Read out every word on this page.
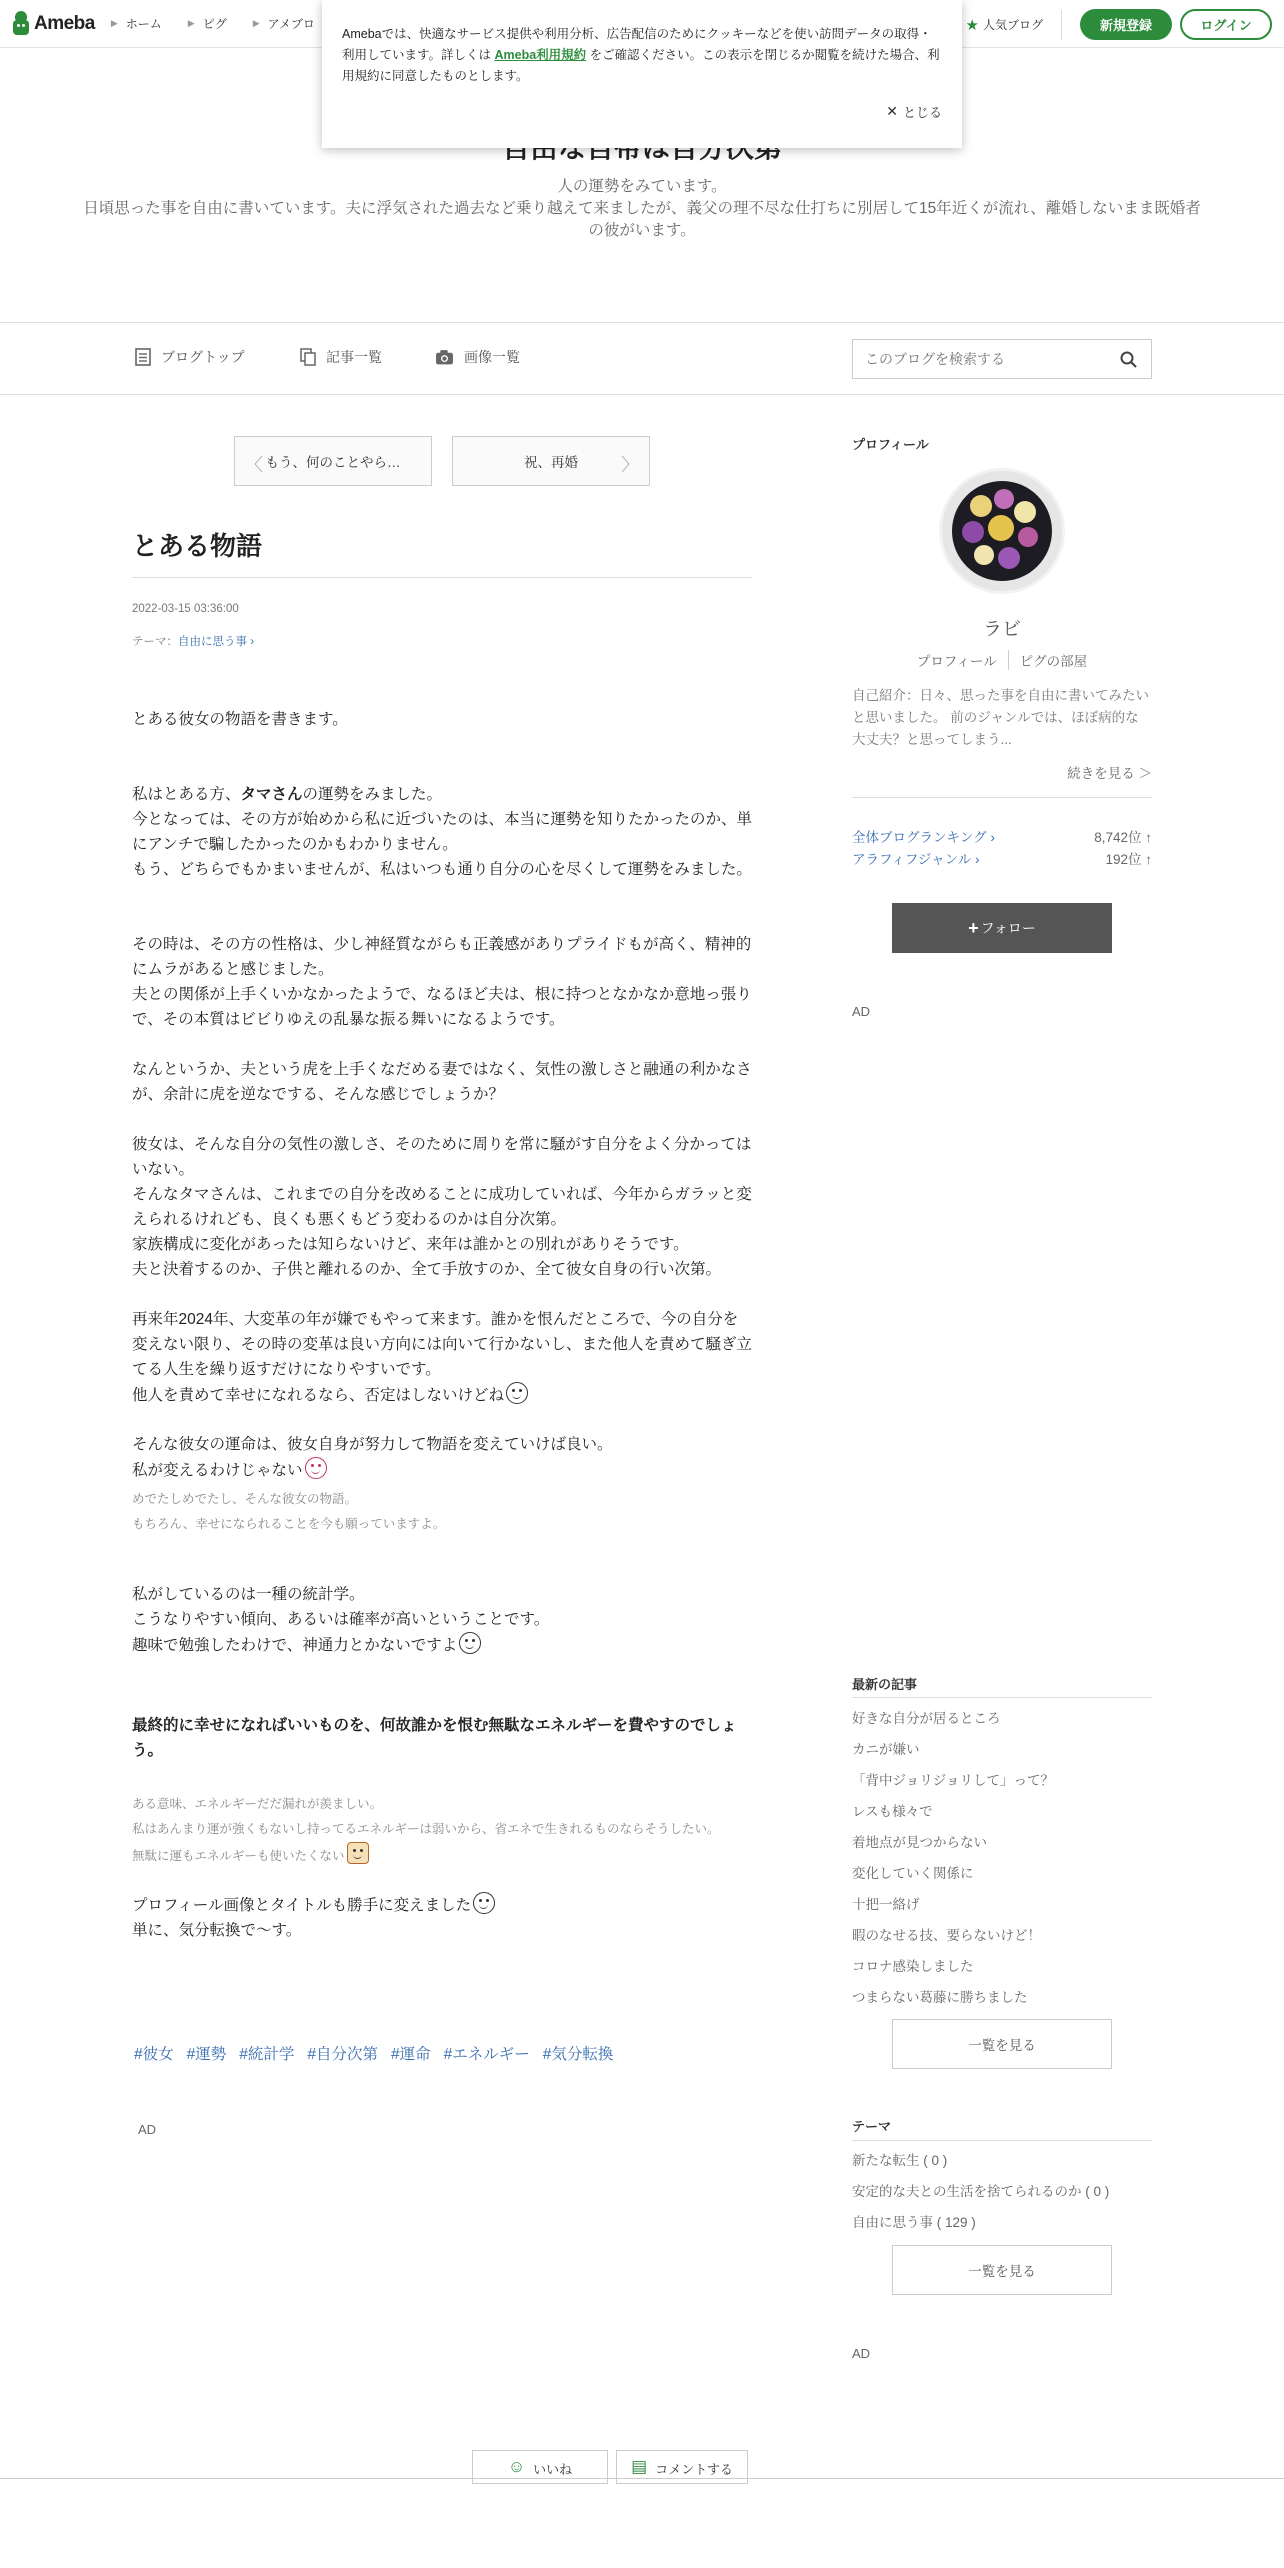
Ameba ▶ ホーム	▶ ピグ	▶ アメブロ	★ 人気ブログ	新規登録	ログイン
Amebaでは、快適なサービス提供や利用分析、広告配信のためにクッキーなどを使い訪問データの取得・利用しています。詳しくは Ameba利用規約 をご確認ください。この表示を閉じるか閲覧を続けた場合、利用規約に同意したものとします。
✕ とじる
人の運勢をみています。
日頃思った事を自由に書いています。夫に浮気された過去など乗り越えて来ましたが、義父の理不尽な仕打ちに別居して15年近くが流れ、離婚しないまま既婚者の彼がいます。
ブログトップ	記事一覧	画像一覧
このブログを検索する
〈 もう、何のことやら…	祝、再婚 〉
とある物語
2022-03-15 03:36:00
テーマ：自由に思う事 ›
とある彼女の物語を書きます。
私はとある方、タマさんの運勢をみました。
今となっては、その方が始めから私に近づいたのは、本当に運勢を知りたかったのか、単にアンチで騙したかったのかもわかりません。
もう、どちらでもかまいませんが、私はいつも通り自分の心を尽くして運勢をみました。
その時は、その方の性格は、少し神経質ながらも正義感がありプライドもが高く、精神的にムラがあると感じました。
夫との関係が上手くいかなかったようで、なるほど夫は、根に持つとなかなか意地っ張りで、その本質はビビりゆえの乱暴な振る舞いになるようです。
なんというか、夫という虎を上手くなだめる妻ではなく、気性の激しさと融通の利かなさが、余計に虎を逆なでする、そんな感じでしょうか？
彼女は、そんな自分の気性の激しさ、そのために周りを常に騒がす自分をよく分かってはいない。
そんなタマさんは、これまでの自分を改めることに成功していれば、今年からガラッと変えられるけれども、良くも悪くもどう変わるのかは自分次第。
家族構成に変化があったは知らないけど、来年は誰かとの別れがありそうです。
夫と決着するのか、子供と離れるのか、全て手放すのか、全て彼女自身の行い次第。
再来年2024年、大変革の年が嫌でもやって来ます。誰かを恨んだところで、今の自分を変えない限り、その時の変革は良い方向には向いて行かないし、また他人を責めて騒ぎ立てる人生を繰り返すだけになりやすいです。
他人を責めて幸せになれるなら、否定はしないけどね
そんな彼女の運命は、彼女自身が努力して物語を変えていけば良い。
私が変えるわけじゃない
めでたしめでたし、そんな彼女の物語。
もちろん、幸せになられることを今も願っていますよ。
私がしているのは一種の統計学。
こうなりやすい傾向、あるいは確率が高いということです。
趣味で勉強したわけで、神通力とかないですよ
最終的に幸せになればいいものを、何故誰かを恨む無駄なエネルギーを費やすのでしょう。
ある意味、エネルギーだだ漏れが羨ましい。
私はあんまり運が強くもないし持ってるエネルギーは弱いから、省エネで生きれるものならそうしたい。
無駄に運もエネルギーも使いたくない
プロフィール画像とタイトルも勝手に変えました
単に、気分転換で〜す。
#彼女 #運勢 #統計学 #自分次第 #運命 #エネルギー #気分転換
AD
☺ いいね	▤ コメントする
プロフィール
ラビ
プロフィール	ピグの部屋
自己紹介：日々、思った事を自由に書いてみたいと思いました。 前のジャンルでは、ほぼ病的な大丈夫？と思ってしまう...
続きを見る ＞
全体ブログランキング ›	8,742位 ↑
アラフィフジャンル ›	192位 ↑
+ フォロー
AD
最新の記事
好きな自分が居るところ
カニが嫌い
「背中ジョリジョリして」って？
レスも様々で
着地点が見つからない
変化していく関係に
十把一絡げ
暇のなせる技、要らないけど！
コロナ感染しました
つまらない葛藤に勝ちました
一覧を見る
テーマ
新たな転生 ( 0 )
安定的な夫との生活を捨てられるのか ( 0 )
自由に思う事 ( 129 )
一覧を見る
AD
